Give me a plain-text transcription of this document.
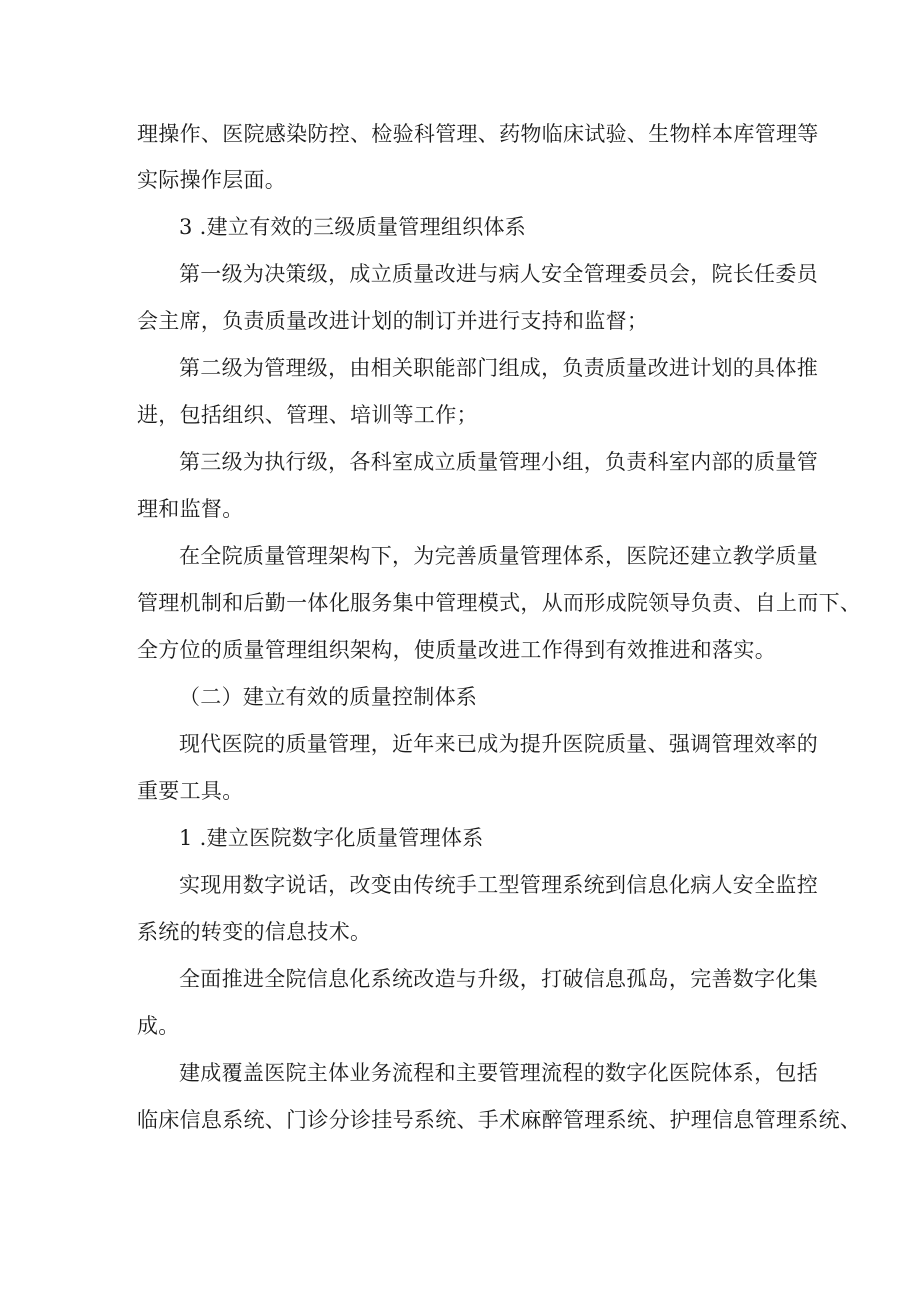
理操作、医院感染防控、检验科管理、药物临床试验、生物样本库管理等
实际操作层面。
3 .建立有效的三级质量管理组织体系
第一级为决策级，成立质量改进与病人安全管理委员会，院长任委员
会主席，负责质量改进计划的制订并进行支持和监督；
第二级为管理级，由相关职能部门组成，负责质量改进计划的具体推
进，包括组织、管理、培训等工作；
第三级为执行级，各科室成立质量管理小组，负责科室内部的质量管
理和监督。
在全院质量管理架构下，为完善质量管理体系，医院还建立教学质量
管理机制和后勤一体化服务集中管理模式，从而形成院领导负责、自上而下、
全方位的质量管理组织架构，使质量改进工作得到有效推进和落实。
（二）建立有效的质量控制体系
现代医院的质量管理，近年来已成为提升医院质量、强调管理效率的
重要工具。
1 .建立医院数字化质量管理体系
实现用数字说话，改变由传统手工型管理系统到信息化病人安全监控
系统的转变的信息技术。
全面推进全院信息化系统改造与升级，打破信息孤岛，完善数字化集
成。
建成覆盖医院主体业务流程和主要管理流程的数字化医院体系，包括
临床信息系统、门诊分诊挂号系统、手术麻醉管理系统、护理信息管理系统、
